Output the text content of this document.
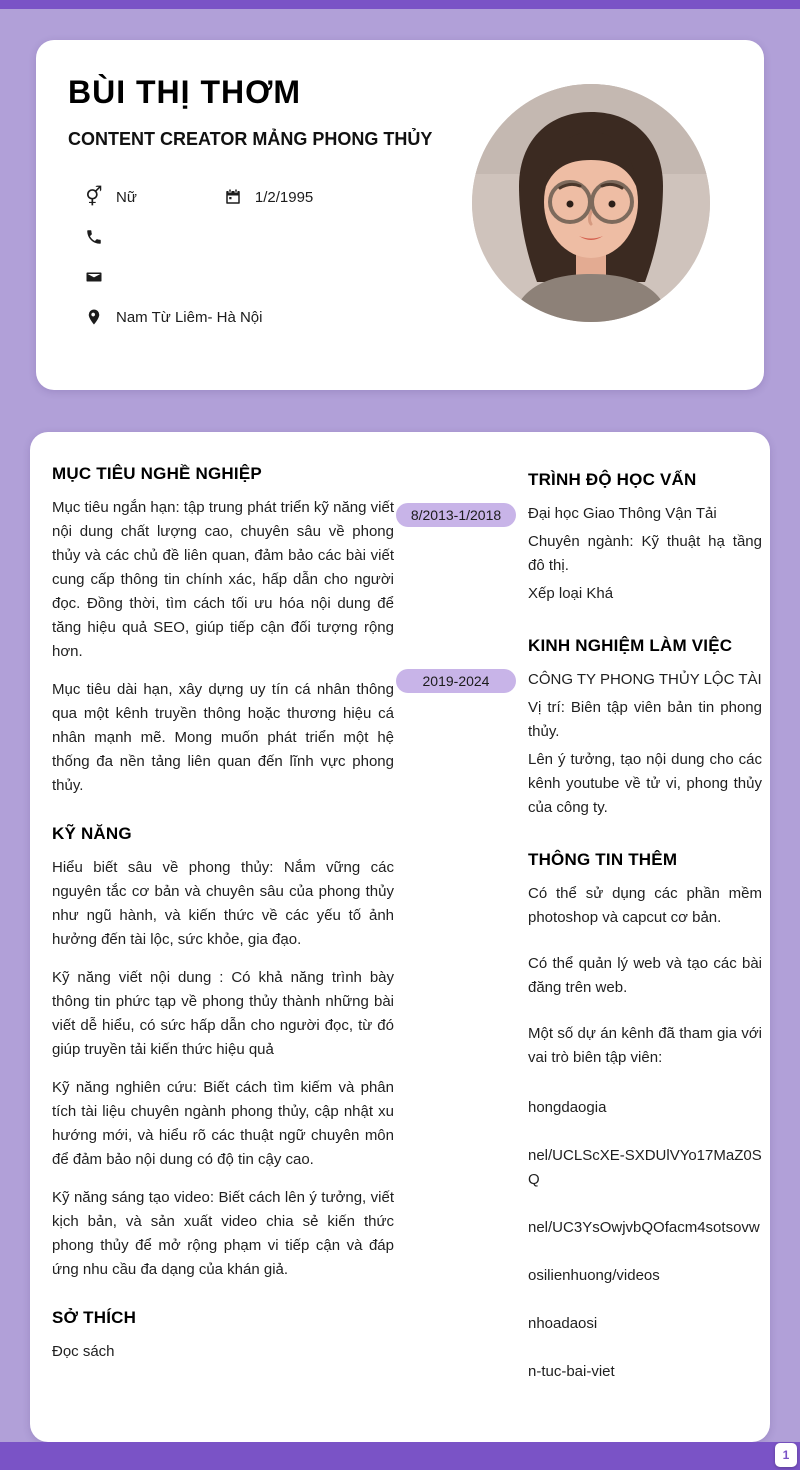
BÙI THỊ THƠM
CONTENT CREATOR MẢNG PHONG THỦY
⚥ Nữ	1/2/1995
Nam Từ Liêm- Hà Nội
MỤC TIÊU NGHỀ NGHIỆP

Mục tiêu ngắn hạn: tập trung phát triển kỹ năng viết nội dung chất lượng cao, chuyên sâu về phong thủy và các chủ đề liên quan, đảm bảo các bài viết cung cấp thông tin chính xác, hấp dẫn cho người đọc. Đồng thời, tìm cách tối ưu hóa nội dung để tăng hiệu quả SEO, giúp tiếp cận đối tượng rộng hơn.

Mục tiêu dài hạn, xây dựng uy tín cá nhân thông qua một kênh truyền thông hoặc thương hiệu cá nhân mạnh mẽ. Mong muốn phát triển một hệ thống đa nền tảng liên quan đến lĩnh vực phong thủy.

KỸ NĂNG

Hiểu biết sâu về phong thủy: Nắm vững các nguyên tắc cơ bản và chuyên sâu của phong thủy như ngũ hành, và kiến thức về các yếu tố ảnh hưởng đến tài lộc, sức khỏe, gia đạo.

Kỹ năng viết nội dung : Có khả năng trình bày thông tin phức tạp về phong thủy thành những bài viết dễ hiểu, có sức hấp dẫn cho người đọc, từ đó giúp truyền tải kiến thức hiệu quả

Kỹ năng nghiên cứu: Biết cách tìm kiếm và phân tích tài liệu chuyên ngành phong thủy, cập nhật xu hướng mới, và hiểu rõ các thuật ngữ chuyên môn để đảm bảo nội dung có độ tin cậy cao.

Kỹ năng sáng tạo video: Biết cách lên ý tưởng, viết kịch bản, và sản xuất video chia sẻ kiến thức phong thủy để mở rộng phạm vi tiếp cận và đáp ứng nhu cầu đa dạng của khán giả.

SỞ THÍCH

Đọc sách

TRÌNH ĐỘ HỌC VẤN
8/2013-1/2018	Đại học Giao Thông Vận Tải

Chuyên ngành: Kỹ thuật hạ tầng đô thị.

Xếp loại Khá

KINH NGHIỆM LÀM VIỆC
2019-2024	CÔNG TY PHONG THỦY LỘC TÀI

Vị trí: Biên tập viên bản tin phong thủy.

Lên ý tưởng, tạo nội dung cho các kênh youtube về tử vi, phong thủy của công ty.

THÔNG TIN THÊM

Có thể sử dụng các phần mềm photoshop và capcut cơ bản.

Có thể quản lý web và tạo các bài đăng trên web.

Một số dự án kênh đã tham gia với vai trò biên tập viên:

hongdaogia

nel/UCLScXE-SXDUlVYo17MaZ0SQ

nel/UC3YsOwjvbQOfacm4sotsovw

osilienhuong/videos

nhoadaosi

n-tuc-bai-viet

1
